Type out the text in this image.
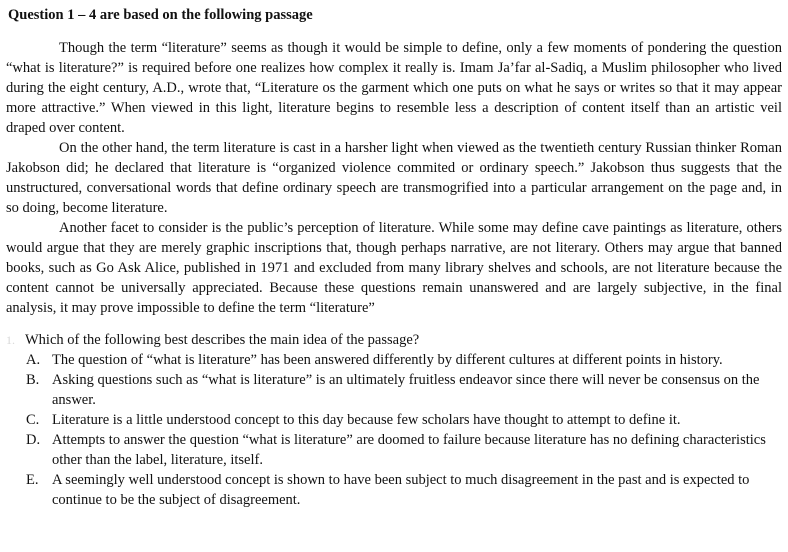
Question 1 – 4 are based on the following passage

Though the term “literature” seems as though it would be simple to define, only a few moments of pondering the question “what is literature?” is required before one realizes how complex it really is. Imam Ja’far al-Sadiq, a Muslim philosopher who lived during the eight century, A.D., wrote that, “Literature os the garment which one puts on what he says or writes so that it may appear more attractive.” When viewed in this light, literature begins to resemble less a description of content itself than an artistic veil draped over content.

On the other hand, the term literature is cast in a harsher light when viewed as the twentieth century Russian thinker Roman Jakobson did; he declared that literature is “organized violence commited or ordinary speech.” Jakobson thus suggests that the unstructured, conversational words that define ordinary speech are transmogrified into a particular arrangement on the page and, in so doing, become literature.

Another facet to consider is the public’s perception of literature. While some may define cave paintings as literature, others would argue that they are merely graphic inscriptions that, though perhaps narrative, are not literary. Others may argue that banned books, such as Go Ask Alice, published in 1971 and excluded from many library shelves and schools, are not literature because the content cannot be universally appreciated. Because these questions remain unanswered and are largely subjective, in the final analysis, it may prove impossible to define the term “literature”

1. Which of the following best describes the main idea of the passage?
A. The question of “what is literature” has been answered differently by different cultures at different points in history.
B. Asking questions such as “what is literature” is an ultimately fruitless endeavor since there will never be consensus on the answer.
C. Literature is a little understood concept to this day because few scholars have thought to attempt to define it.
D. Attempts to answer the question “what is literature” are doomed to failure because literature has no defining characteristics other than the label, literature, itself.
E. A seemingly well understood concept is shown to have been subject to much disagreement in the past and is expected to continue to be the subject of disagreement.
